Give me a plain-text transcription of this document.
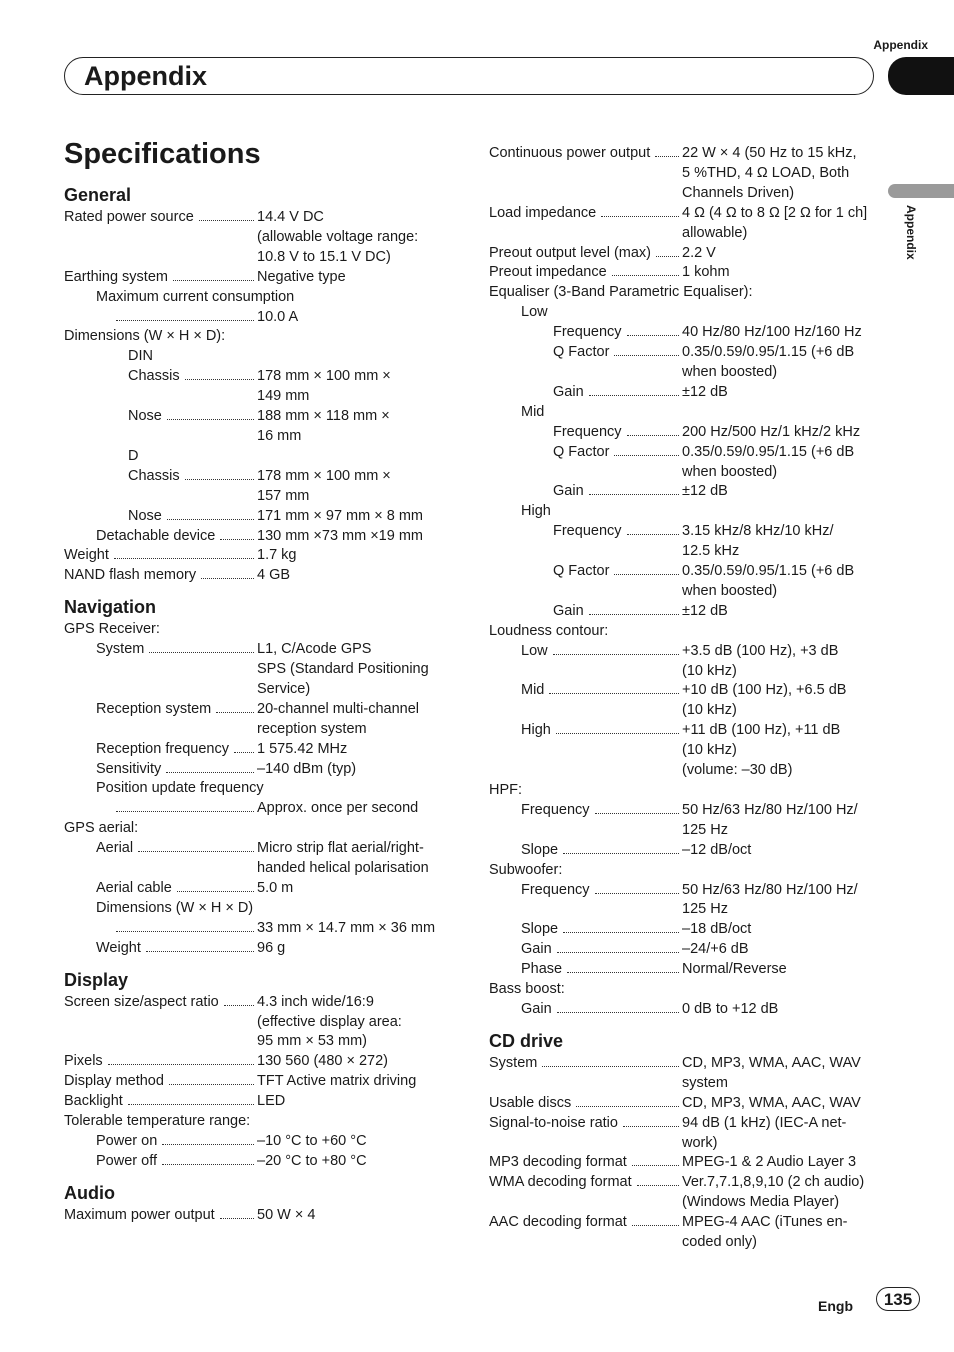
Appendix
Appendix
Appendix
Specifications
General
Rated power source	14.4 V DC
(allowable voltage range:
10.8 V to 15.1 V DC)
Earthing system	Negative type
Maximum current consumption
10.0 A
Dimensions (W × H × D):
DIN
Chassis	178 mm × 100 mm ×
149 mm
Nose	188 mm × 118 mm ×
16 mm
D
Chassis	178 mm × 100 mm ×
157 mm
Nose	171 mm × 97 mm × 8 mm
Detachable device	130 mm ×73 mm ×19 mm
Weight	1.7 kg
NAND flash memory	4 GB
Navigation
GPS Receiver:
System	L1, C/Acode GPS
SPS (Standard Positioning
Service)
Reception system	20-channel multi-channel
reception system
Reception frequency 1 575.42 MHz
Sensitivity	–140 dBm (typ)
Position update frequency
Approx. once per second
GPS aerial:
Aerial	Micro strip flat aerial/right-
handed helical polarisation
Aerial cable	5.0 m
Dimensions (W × H × D)
33 mm × 14.7 mm × 36 mm
Weight	96 g
Display
Screen size/aspect ratio	4.3 inch wide/16:9
(effective display area:
95 mm × 53 mm)
Pixels	130 560 (480 × 272)
Display method	TFT Active matrix driving
Backlight	LED
Tolerable temperature range:
Power on	–10 °C to +60 °C
Power off	–20 °C to +80 °C
Audio
Maximum power output	50 W × 4
Continuous power output 22 W × 4 (50 Hz to 15 kHz,
5 %THD, 4 Ω LOAD, Both
Channels Driven)
Load impedance	4 Ω (4 Ω to 8 Ω [2 Ω for 1 ch]
allowable)
Preout output level (max) 2.2 V
Preout impedance	1 kohm
Equaliser (3-Band Parametric Equaliser):
Low
Frequency	40 Hz/80 Hz/100 Hz/160 Hz
Q Factor	0.35/0.59/0.95/1.15 (+6 dB
when boosted)
Gain	±12 dB
Mid
Frequency	200 Hz/500 Hz/1 kHz/2 kHz
Q Factor	0.35/0.59/0.95/1.15 (+6 dB
when boosted)
Gain	±12 dB
High
Frequency	3.15 kHz/8 kHz/10 kHz/
12.5 kHz
Q Factor	0.35/0.59/0.95/1.15 (+6 dB
when boosted)
Gain	±12 dB
Loudness contour:
Low	+3.5 dB (100 Hz), +3 dB
(10 kHz)
Mid	+10 dB (100 Hz), +6.5 dB
(10 kHz)
High	+11 dB (100 Hz), +11 dB
(10 kHz)
(volume: –30 dB)
HPF:
Frequency	50 Hz/63 Hz/80 Hz/100 Hz/
125 Hz
Slope	–12 dB/oct
Subwoofer:
Frequency	50 Hz/63 Hz/80 Hz/100 Hz/
125 Hz
Slope	–18 dB/oct
Gain	–24/+6 dB
Phase	Normal/Reverse
Bass boost:
Gain	0 dB to +12 dB
CD drive
System	CD, MP3, WMA, AAC, WAV
system
Usable discs	CD, MP3, WMA, AAC, WAV
Signal-to-noise ratio	94 dB (1 kHz) (IEC-A net-
work)
MP3 decoding format	MPEG-1 & 2 Audio Layer 3
WMA decoding format	Ver.7,7.1,8,9,10 (2 ch audio)
(Windows Media Player)
AAC decoding format	MPEG-4 AAC (iTunes en-
coded only)
Engb	135
